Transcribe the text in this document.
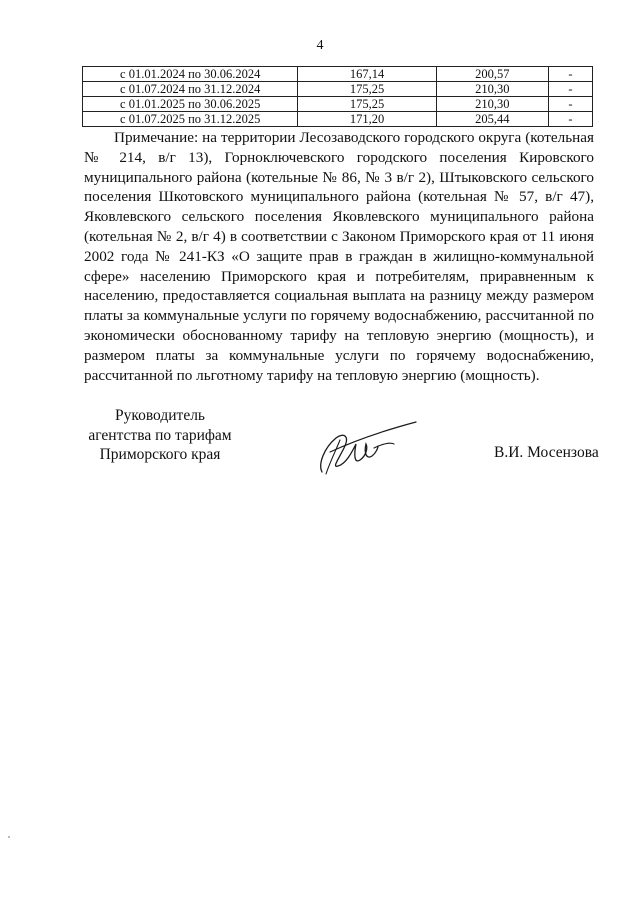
4
с 01.01.2024 по 30.06.2024	167,14	200,57	-
с 01.07.2024 по 31.12.2024	175,25	210,30	-
с 01.01.2025 по 30.06.2025	175,25	210,30	-
с 01.07.2025 по 31.12.2025	171,20	205,44	-

Примечание: на территории Лесозаводского городского округа (котельная № 214, в/г 13), Горноключевского городского поселения Кировского муниципального района (котельные № 86, № 3 в/г 2), Штыковского сельского поселения Шкотовского муниципального района (котельная № 57, в/г 47), Яковлевского сельского поселения Яковлевского муниципального района (котельная № 2, в/г 4) в соответствии с Законом Приморского края от 11 июня 2002 года № 241-КЗ «О защите прав в граждан в жилищно-коммунальной сфере» населению Приморского края и потребителям, приравненным к населению, предоставляется социальная выплата на разницу между размером платы за коммунальные услуги по горячему водоснабжению, рассчитанной по экономически обоснованному тарифу на тепловую энергию (мощность), и размером платы за коммунальные услуги по горячему водоснабжению, рассчитанной по льготному тарифу на тепловую энергию (мощность).

Руководитель
агентства по тарифам
Приморского края	В.И. Мосензова
